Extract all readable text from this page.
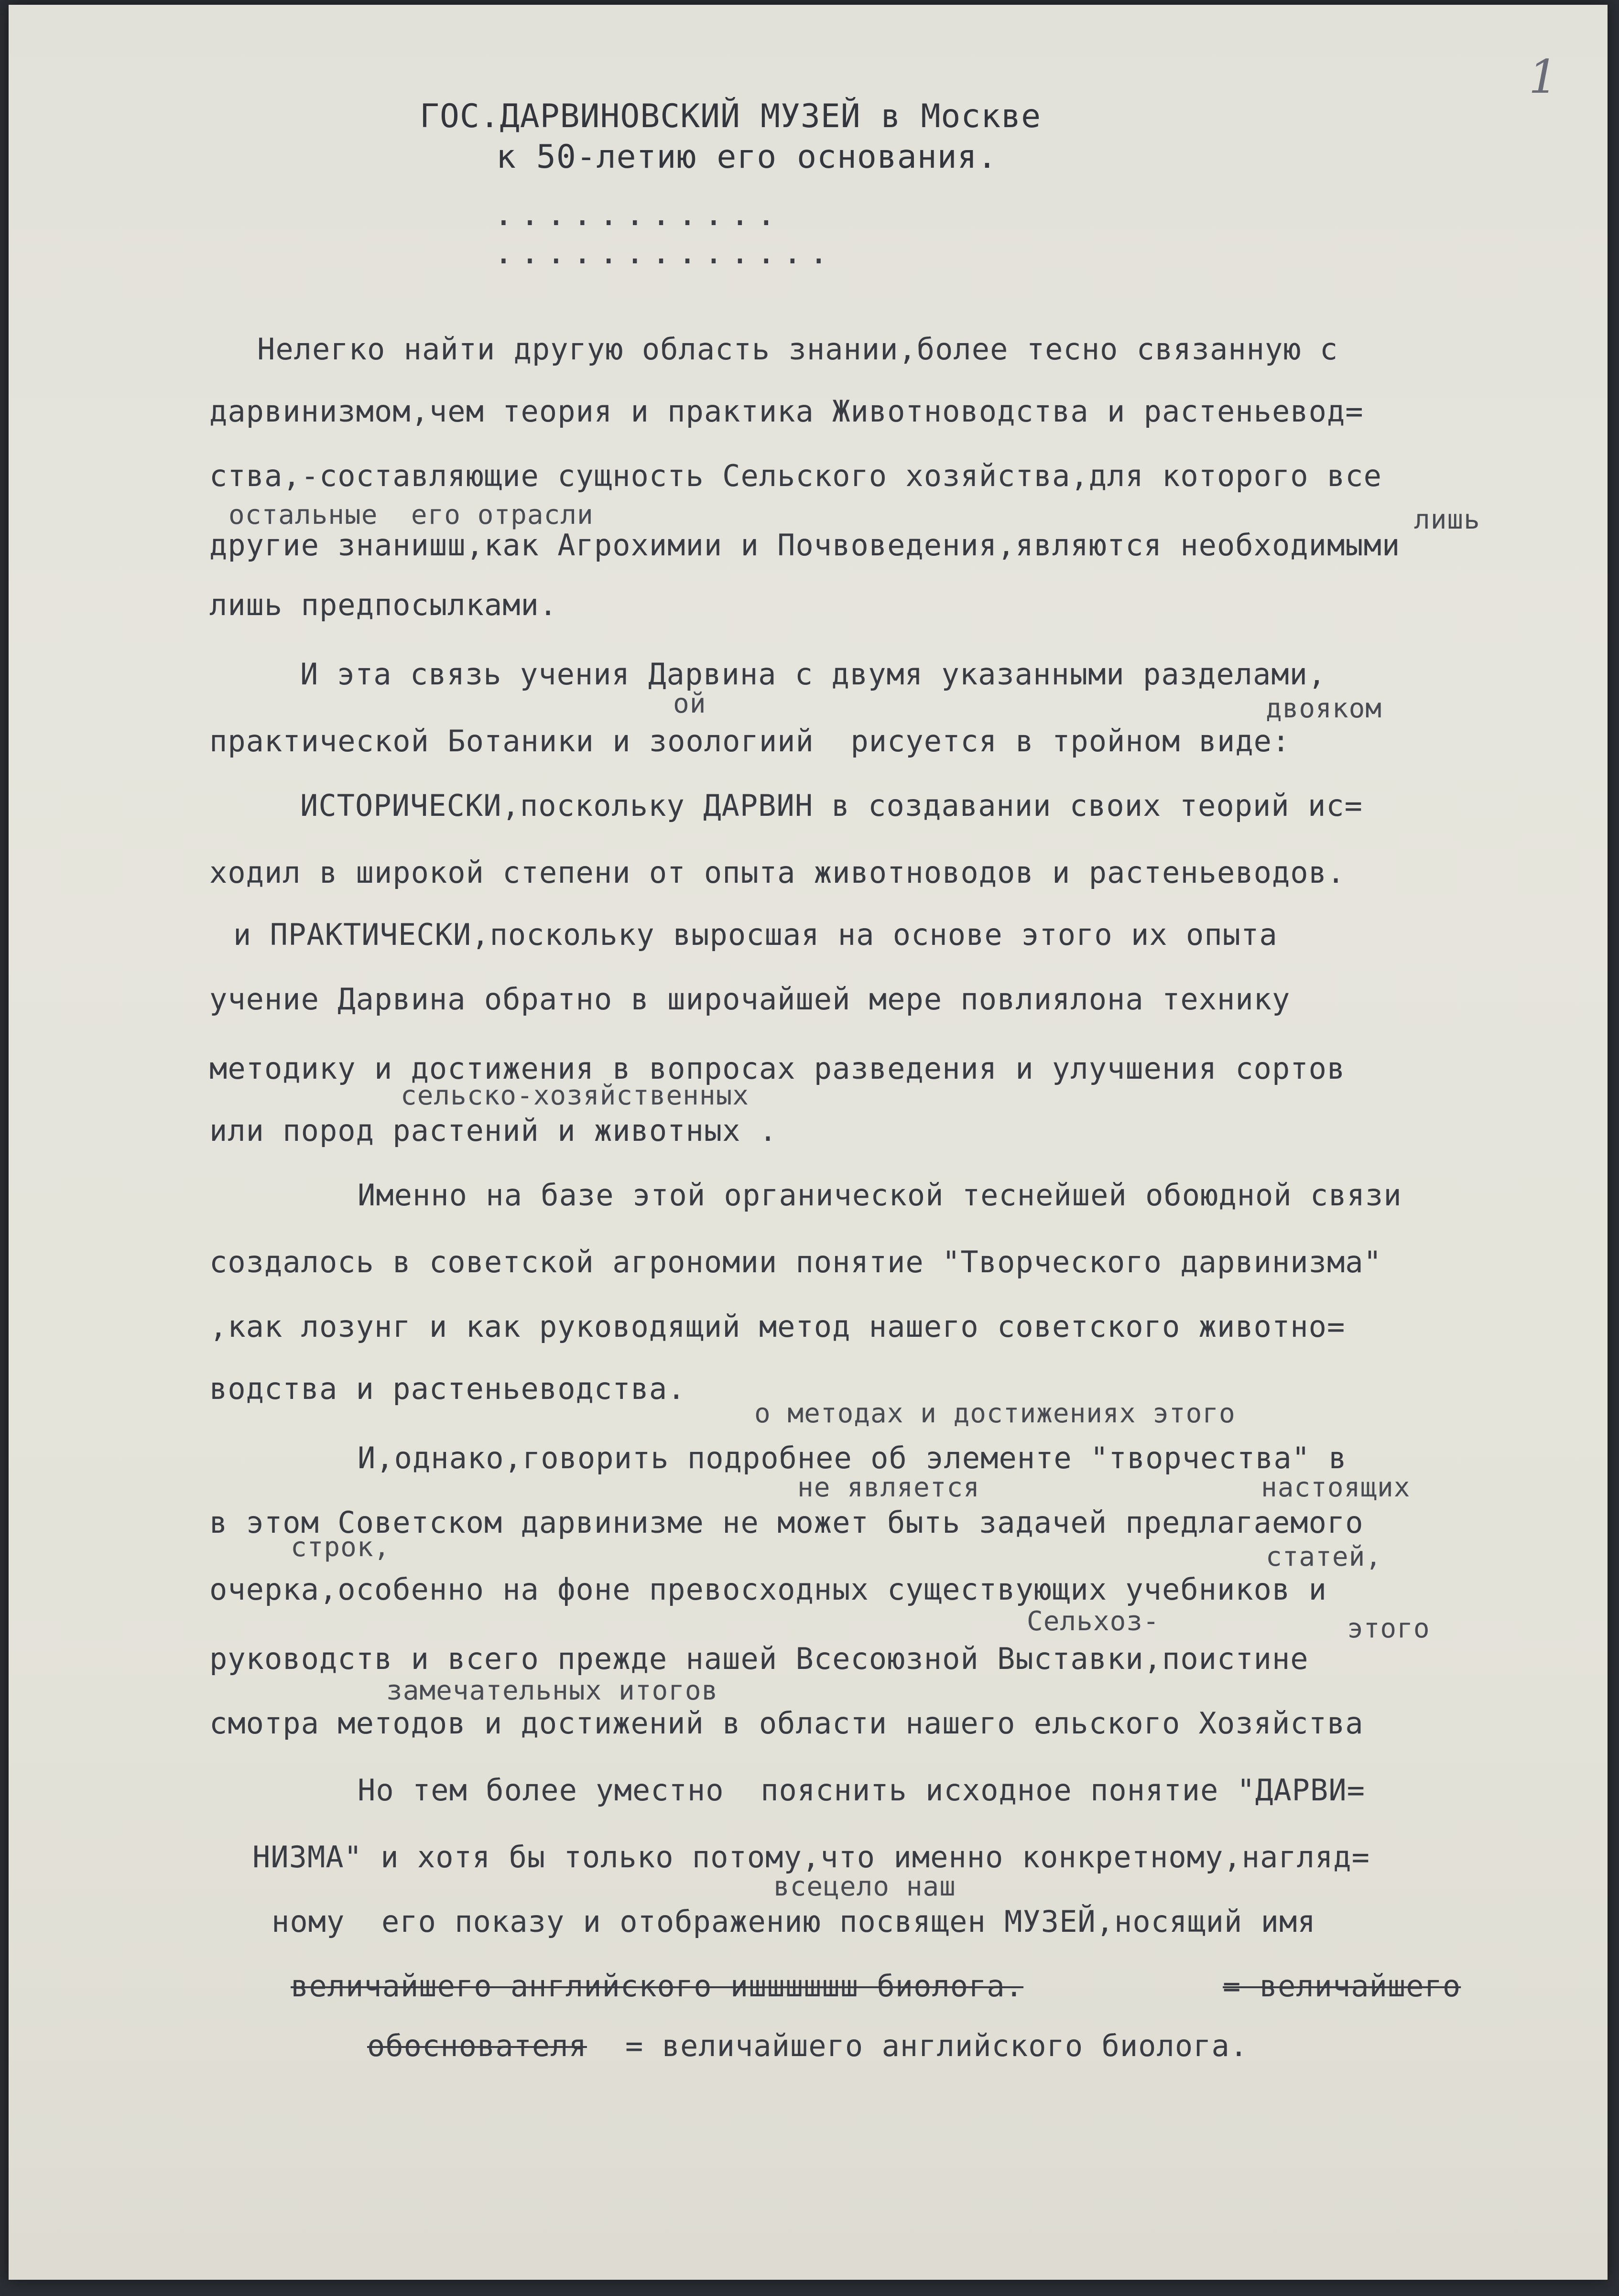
1
ГОС.ДАРВИНОВСКИЙ МУЗЕЙ в Москве
к 50-летию его основания.
...........
.............
Нелегко найти другую область знании,более тесно связанную с
дарвинизмом,чем теория и практика Животноводства и растеньевод=
ства,-составляющие сущность Сельского хозяйства,для которого все
остальные  его отрасли	лишь
другие знанишш,как Агрохимии и Почвоведения,являются необходимыми
лишь предпосылками.
И эта связь учения Дарвина с двумя указанными разделами,
ой	двояком
практической Ботаники и зоологиий  рисуется в тройном виде:
ИСТОРИЧЕСКИ,поскольку ДАРВИН в создавании своих теорий ис=
ходил в широкой степени от опыта животноводов и растеньеводов.
и ПРАКТИЧЕСКИ,поскольку выросшая на основе этого их опыта
учение Дарвина обратно в широчайшей мере повлиялона технику
методику и достижения в вопросах разведения и улучшения сортов
сельско-хозяйственных
или пород растений и животных .
Именно на базе этой органической теснейшей обоюдной связи
создалось в советской агрономии понятие "Творческого дарвинизма"
,как лозунг и как руководящий метод нашего советского животно=
водства и растеньеводства.
о методах и достижениях этого
И,однако,говорить подробнее об элементе "творчества" в
не является	настоящих
в этом Советском дарвинизме не может быть задачей предлагаемого
строк,	статей,
очерка,особенно на фоне превосходных существующих учебников и
Сельхоз-	этого
руководств и всего прежде нашей Всесоюзной Выставки,поистине
замечательных итогов
смотра методов и достижений в области нашего ельского Хозяйства
Но тем более уместно  пояснить исходное понятие "ДАРВИ=
НИЗМА" и хотя бы только потому,что именно конкретному,нагляд=
всецело наш
ному  его показу и отображению посвящен МУЗЕЙ,носящий имя
величайшего английского ишшшшшш биолога.	= величайшего
обоснователя = величайшего английского биолога.
